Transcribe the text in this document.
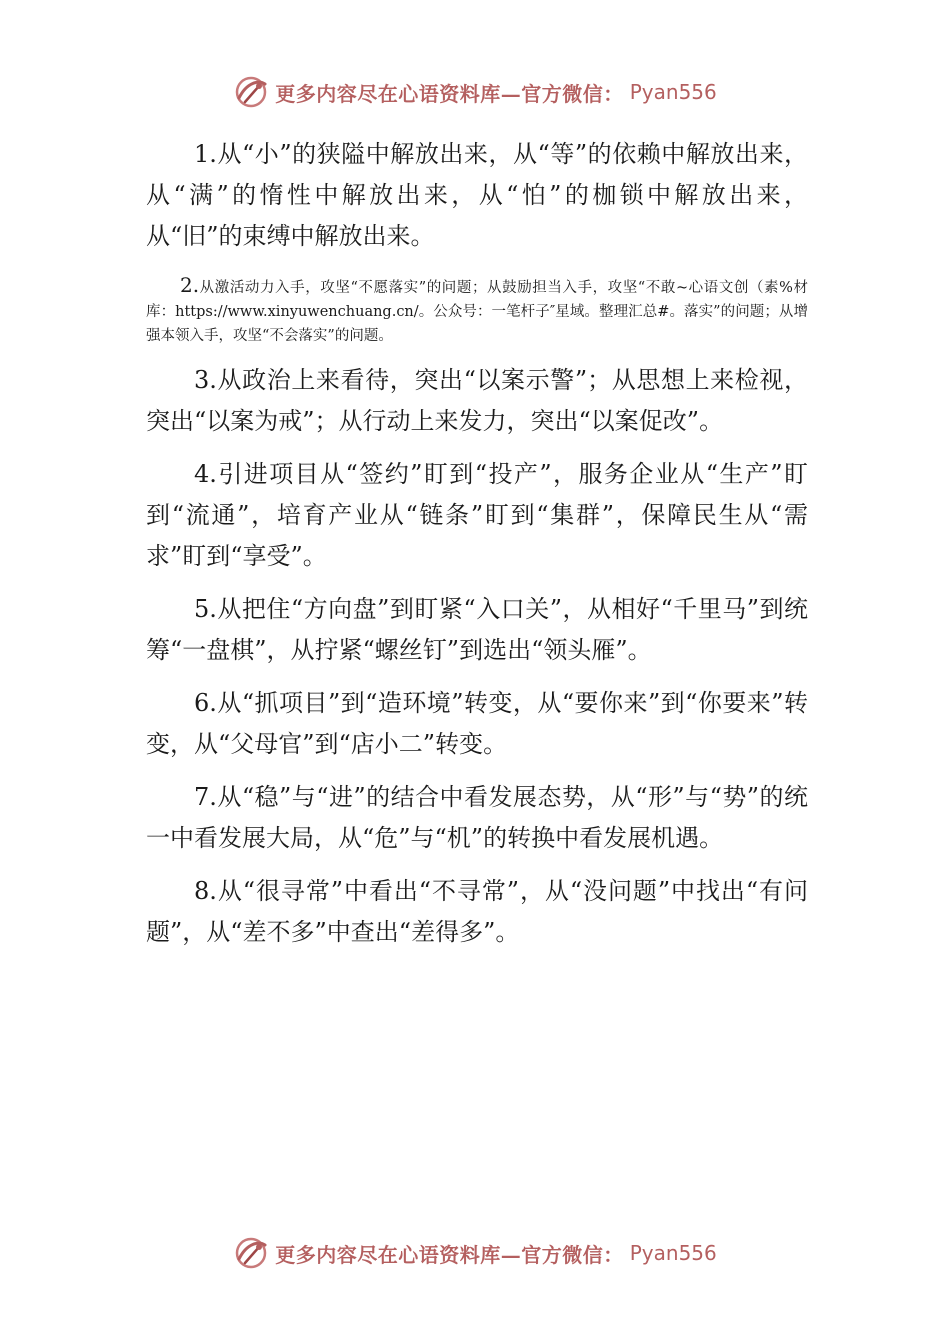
更多内容尽在心语资料库—官方微信： Pyan556

1.从“小”的狭隘中解放出来，从“等”的依赖中解放出来，从“满”的惰性中解放出来，从“怕”的枷锁中解放出来，从“旧”的束缚中解放出来。

2.从激活动力入手，攻坚“不愿落实”的问题；从鼓励担当入手，攻坚“不敢~心语文创（素%材库：https://www.xinyuwenchuang.cn/。公众号：一笔杆子″星域。整理汇总#。落实”的问题；从增强本领入手，攻坚“不会落实”的问题。

3.从政治上来看待，突出“以案示警”；从思想上来检视，突出“以案为戒”；从行动上来发力，突出“以案促改”。

4.引进项目从“签约”盯到“投产”，服务企业从“生产”盯到“流通”，培育产业从“链条”盯到“集群”，保障民生从“需求”盯到“享受”。

5.从把住“方向盘”到盯紧“入口关”，从相好“千里马”到统筹“一盘棋”，从拧紧“螺丝钉”到选出“领头雁”。

6.从“抓项目”到“造环境”转变，从“要你来”到“你要来”转变，从“父母官”到“店小二”转变。

7.从“稳”与“进”的结合中看发展态势，从“形”与“势”的统一中看发展大局，从“危”与“机”的转换中看发展机遇。

8.从“很寻常”中看出“不寻常”，从“没问题”中找出“有问题”，从“差不多”中查出“差得多”。

更多内容尽在心语资料库—官方微信： Pyan556
